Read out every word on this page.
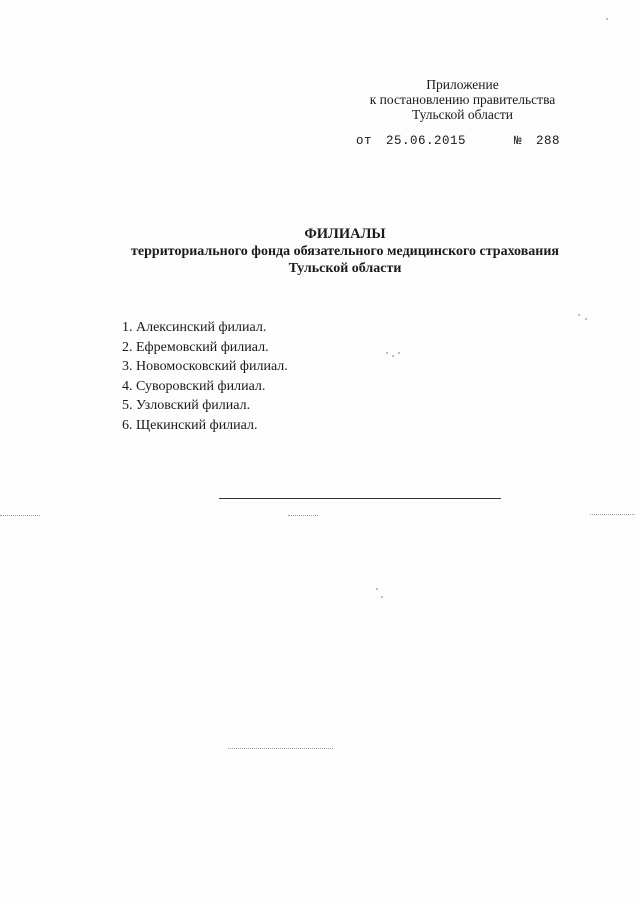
Приложение
к постановлению правительства
Тульской области
от 25.06.2015	№ 288
ФИЛИАЛЫ
территориального фонда обязательного медицинского страхования
Тульской области
1. Алексинский филиал.
2. Ефремовский филиал.
3. Новомосковский филиал.
4. Суворовский филиал.
5. Узловский филиал.
6. Щекинский филиал.
